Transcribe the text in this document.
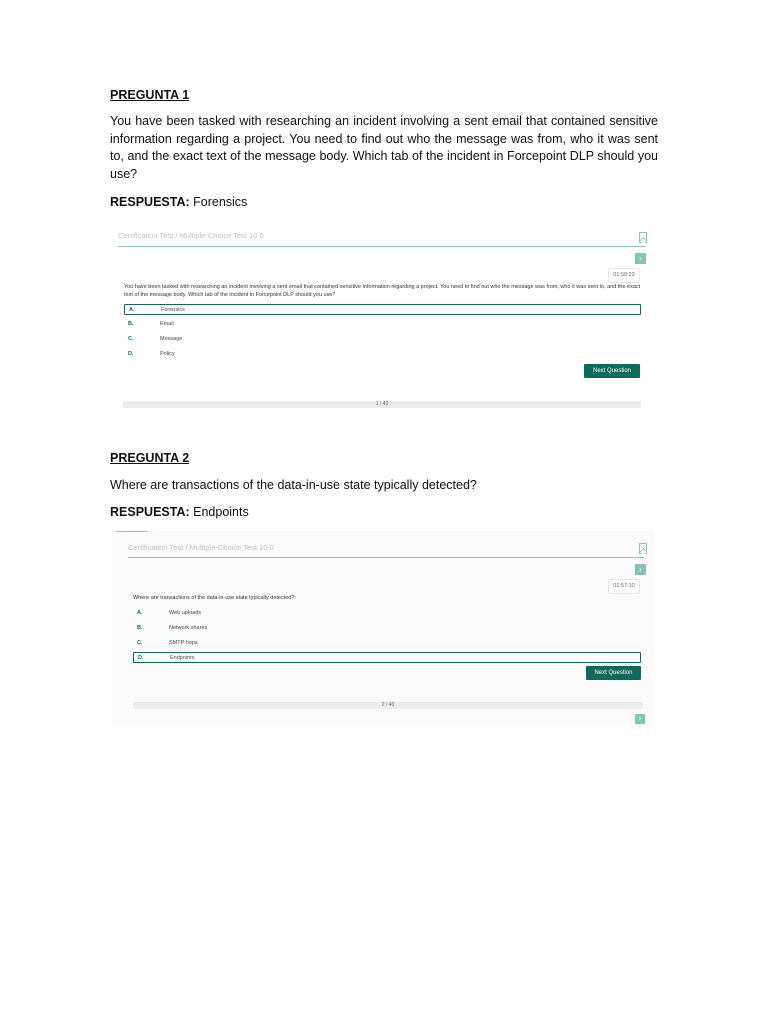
PREGUNTA 1

You have been tasked with researching an incident involving a sent email that contained sensitive information regarding a project. You need to find out who the message was from, who it was sent to, and the exact text of the message body. Which tab of the incident in Forcepoint DLP should you use?

RESPUESTA: Forensics
PREGUNTA 2

Where are transactions of the data-in-use state typically detected?

RESPUESTA: Endpoints
Certification Test / Multiple-Choice Test 10.0
›
01:58:23
You have been tasked with researching an incident involving a sent email that contained sensitive information regarding a project. You need to find out who the message was from, who it was sent to, and the exact text of the message body. Which tab of the incident in Forcepoint DLP should you use?
A.	Forensics
B.	Email
C.	Message
D.	Policy
Next Question
1 / 40
Certification Test / Multiple-Choice Test 10.0
›
01:57:10
Where are transactions of the data-in-use state typically detected?
A.	Web uploads
B.	Network shares
C.	SMTP hops
D.	Endpoints
Next Question
2 / 40
›
